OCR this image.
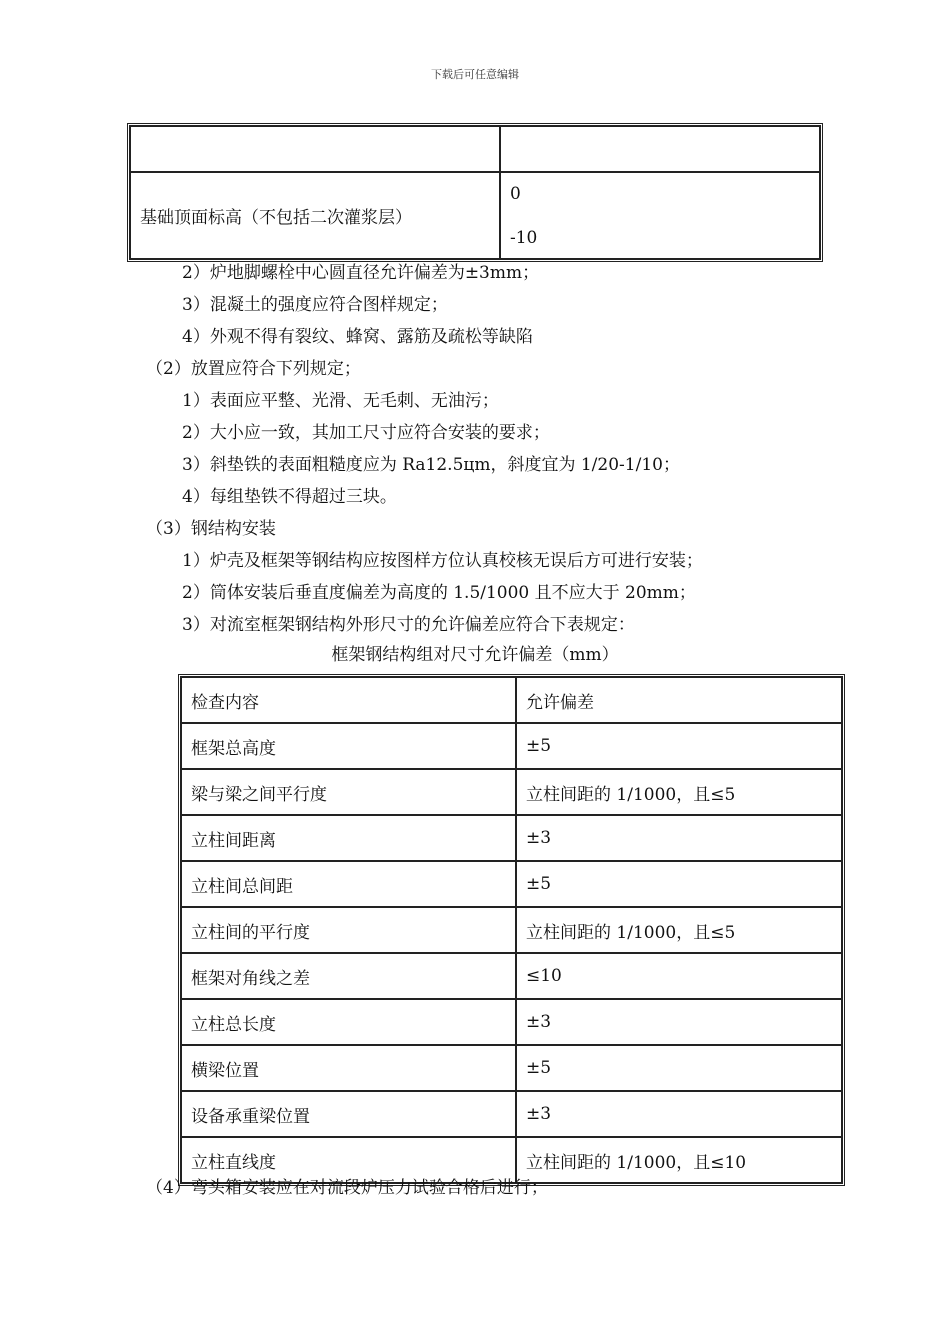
下载后可任意编辑

基础顶面标高（不包括二次灌浆层）	0
-10
2）炉地脚螺栓中心圆直径允许偏差为±3mm；
3）混凝土的强度应符合图样规定；
4）外观不得有裂纹、蜂窝、露筋及疏松等缺陷
（2）放置应符合下列规定；
1）表面应平整、光滑、无毛刺、无油污；
2）大小应一致，其加工尺寸应符合安装的要求；
3）斜垫铁的表面粗糙度应为 Ra12.5цm，斜度宜为 1/20-1/10；
4）每组垫铁不得超过三块。
（3）钢结构安装
1）炉壳及框架等钢结构应按图样方位认真校核无误后方可进行安装；
2）筒体安装后垂直度偏差为高度的 1.5/1000 且不应大于 20mm；
3）对流室框架钢结构外形尺寸的允许偏差应符合下表规定：
框架钢结构组对尺寸允许偏差（mm）
检查内容	允许偏差
框架总高度	±5
梁与梁之间平行度	立柱间距的 1/1000，且≤5
立柱间距离	±3
立柱间总间距	±5
立柱间的平行度	立柱间距的 1/1000，且≤5
框架对角线之差	≤10
立柱总长度	±3
横梁位置	±5
设备承重梁位置	±3
立柱直线度	立柱间距的 1/1000，且≤10
（4）弯头箱安装应在对流段炉压力试验合格后进行；
